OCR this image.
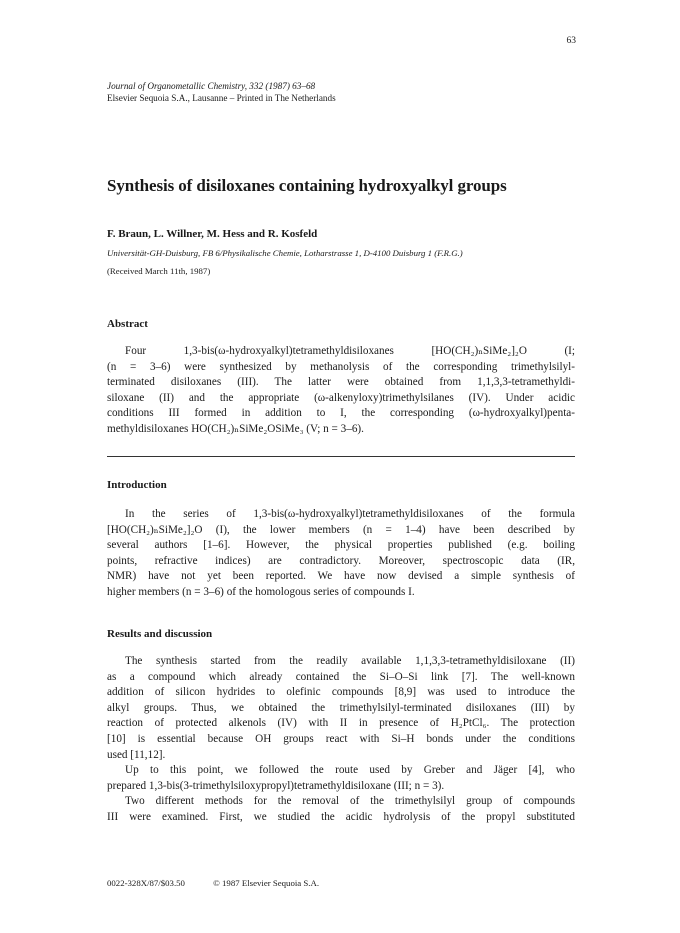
63
Journal of Organometallic Chemistry, 332 (1987) 63–68
Elsevier Sequoia S.A., Lausanne – Printed in The Netherlands
Synthesis of disiloxanes containing hydroxyalkyl groups
F. Braun, L. Willner, M. Hess and R. Kosfeld
Universität-GH-Duisburg, FB 6/Physikalische Chemie, Lotharstrasse 1, D-4100 Duisburg 1 (F.R.G.)
(Received March 11th, 1987)
Abstract
Four 1,3-bis(ω-hydroxyalkyl)tetramethyldisiloxanes [HO(CH₂)ₙSiMe₂]₂O (I;
(n = 3–6) were synthesized by methanolysis of the corresponding trimethylsilyl-
terminated disiloxanes (III). The latter were obtained from 1,1,3,3-tetramethyldi-
siloxane (II) and the appropriate (ω-alkenyloxy)trimethylsilanes (IV). Under acidic
conditions III formed in addition to I, the corresponding (ω-hydroxyalkyl)penta-
methyldisiloxanes HO(CH₂)ₙSiMe₂OSiMe₃ (V; n = 3–6).
Introduction
In the series of 1,3-bis(ω-hydroxyalkyl)tetramethyldisiloxanes of the formula
[HO(CH₂)ₙSiMe₂]₂O (I), the lower members (n = 1–4) have been described by
several authors [1–6]. However, the physical properties published (e.g. boiling
points, refractive indices) are contradictory. Moreover, spectroscopic data (IR,
NMR) have not yet been reported. We have now devised a simple synthesis of
higher members (n = 3–6) of the homologous series of compounds I.
Results and discussion
The synthesis started from the readily available 1,1,3,3-tetramethyldisiloxane (II)
as a compound which already contained the Si–O–Si link [7]. The well-known
addition of silicon hydrides to olefinic compounds [8,9] was used to introduce the
alkyl groups. Thus, we obtained the trimethylsilyl-terminated disiloxanes (III) by
reaction of protected alkenols (IV) with II in presence of H₂PtCl₆. The protection
[10] is essential because OH groups react with Si–H bonds under the conditions
used [11,12].
Up to this point, we followed the route used by Greber and Jäger [4], who
prepared 1,3-bis(3-trimethylsiloxypropyl)tetramethyldisiloxane (III; n = 3).
Two different methods for the removal of the trimethylsilyl group of compounds
III were examined. First, we studied the acidic hydrolysis of the propyl substituted
0022-328X/87/$03.50	© 1987 Elsevier Sequoia S.A.
